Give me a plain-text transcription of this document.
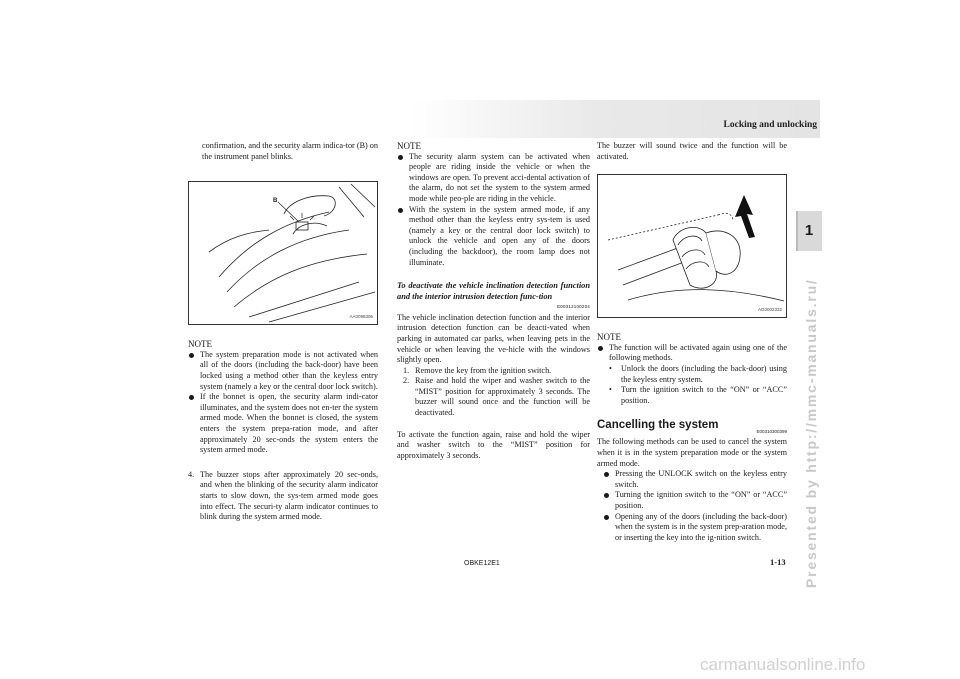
Locking and unlocking
1
Presented by http://mmc-manuals.ru/

confirmation, and the security alarm indica-tor (B) on the instrument panel blinks.

B
AA0098306

NOTE

The system preparation mode is not activated when all of the doors (including the back-door) have been locked using a method other than the keyless entry system (namely a key or the central door lock switch).
If the bonnet is open, the security alarm indi-cator illuminates, and the system does not en-ter the system armed mode. When the bonnet is closed, the system enters the system prepa-ration mode, and after approximately 20 sec-onds the system enters the system armed mode.
4. The buzzer stops after approximately 20 sec-onds, and when the blinking of the security alarm indicator starts to slow down, the sys-tem armed mode goes into effect. The securi-ty alarm indicator continues to blink during the system armed mode.

NOTE

The security alarm system can be activated when people are riding inside the vehicle or when the windows are open. To prevent acci-dental activation of the alarm, do not set the system to the system armed mode while peo-ple are riding in the vehicle.
With the system in the system armed mode, if any method other than the keyless entry sys-tem is used (namely a key or the central door lock switch) to unlock the vehicle and open any of the doors (including the backdoor), the room lamp does not illuminate.

To deactivate the vehicle inclination detection function and the interior intrusion detection func-tion

E00312100204

The vehicle inclination detection function and the interior intrusion detection function can be deacti-vated when parking in automated car parks, when leaving pets in the vehicle or when leaving the ve-hicle with the windows slightly open.

1. Remove the key from the ignition switch.
2. Raise and hold the wiper and washer switch to the “MIST” position for approximately 3 seconds. The buzzer will sound once and the function will be deactivated.

To activate the function again, raise and hold the wiper and washer switch to the “MIST” position for approximately 3 seconds.

The buzzer will sound twice and the function will be activated.

AG0002332

NOTE

The function will be activated again using one of the following methods.
• Unlock the doors (including the back-door) using the keyless entry system.
• Turn the ignition switch to the “ON” or “ACC” position.
Cancelling the system
E00310300399

The following methods can be used to cancel the system when it is in the system preparation mode or the system armed mode.

Pressing the UNLOCK switch on the keyless entry switch.
Turning the ignition switch to the “ON” or “ACC” position.
Opening any of the doors (including the back-door) when the system is in the system prep-aration mode, or inserting the key into the ig-nition switch.
OBKE12E1	1-13
carmanualsonline.info
